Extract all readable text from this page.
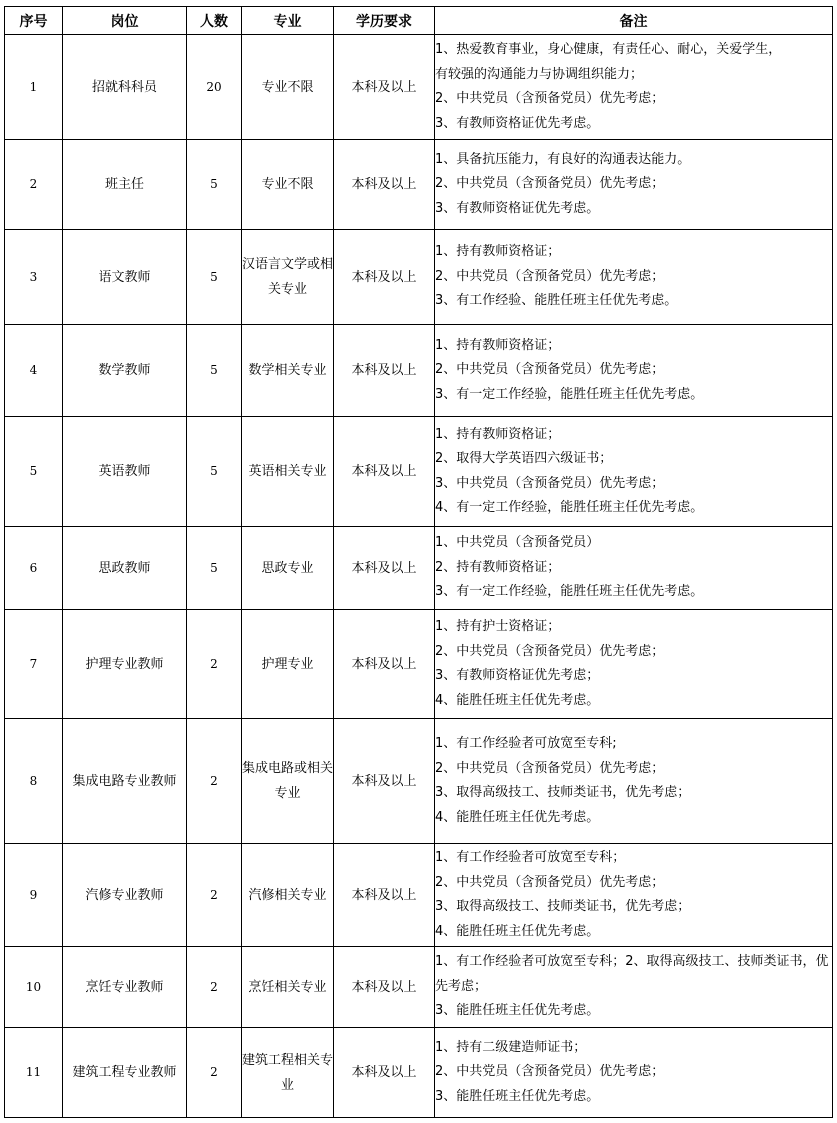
序号	岗位	人数	专业	学历要求	备注
1	招就科科员	20	专业不限	本科及以上	1、热爱教育事业，身心健康，有责任心、耐心，关爱学生，
有较强的沟通能力与协调组织能力；
2、中共党员（含预备党员）优先考虑；
3、有教师资格证优先考虑。

2	班主任	5	专业不限	本科及以上	1、具备抗压能力，有良好的沟通表达能力。
2、中共党员（含预备党员）优先考虑；
3、有教师资格证优先考虑。

3	语文教师	5	汉语言文学或相关专业	本科及以上	1、持有教师资格证；
2、中共党员（含预备党员）优先考虑；
3、有工作经验、能胜任班主任优先考虑。

4	数学教师	5	数学相关专业	本科及以上	1、持有教师资格证；
2、中共党员（含预备党员）优先考虑；
3、有一定工作经验，能胜任班主任优先考虑。

5	英语教师	5	英语相关专业	本科及以上	1、持有教师资格证；
2、取得大学英语四六级证书；
3、中共党员（含预备党员）优先考虑；
4、有一定工作经验，能胜任班主任优先考虑。

6	思政教师	5	思政专业	本科及以上	1、中共党员（含预备党员）
2、持有教师资格证；
3、有一定工作经验，能胜任班主任优先考虑。

7	护理专业教师	2	护理专业	本科及以上	1、持有护士资格证；
2、中共党员（含预备党员）优先考虑；
3、有教师资格证优先考虑；
4、能胜任班主任优先考虑。

8	集成电路专业教师	2	集成电路或相关专业	本科及以上	1、有工作经验者可放宽至专科;
2、中共党员（含预备党员）优先考虑；
3、取得高级技工、技师类证书，优先考虑；
4、能胜任班主任优先考虑。

9	汽修专业教师	2	汽修相关专业	本科及以上	1、有工作经验者可放宽至专科；
2、中共党员（含预备党员）优先考虑；
3、取得高级技工、技师类证书，优先考虑；
4、能胜任班主任优先考虑。

10	烹饪专业教师	2	烹饪相关专业	本科及以上	1、有工作经验者可放宽至专科；2、取得高级技工、技师类证书，优先考虑；
3、能胜任班主任优先考虑。

11	建筑工程专业教师	2	建筑工程相关专业	本科及以上	1、持有二级建造师证书；
2、中共党员（含预备党员）优先考虑；
3、能胜任班主任优先考虑。
